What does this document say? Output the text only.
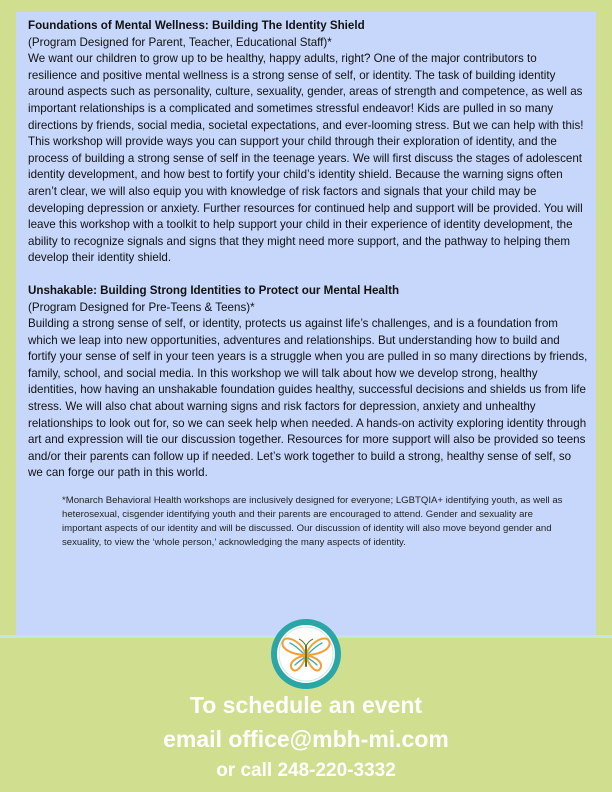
Foundations of Mental Wellness: Building The Identity Shield

(Program Designed for Parent, Teacher, Educational Staff)*

We want our children to grow up to be healthy, happy adults, right? One of the major contributors to resilience and positive mental wellness is a strong sense of self, or identity. The task of building identity around aspects such as personality, culture, sexuality, gender, areas of strength and competence, as well as important relationships is a complicated and sometimes stressful endeavor! Kids are pulled in so many directions by friends, social media, societal expectations, and ever-looming stress. But we can help with this! This workshop will provide ways you can support your child through their exploration of identity, and the process of building a strong sense of self in the teenage years. We will first discuss the stages of adolescent identity development, and how best to fortify your child’s identity shield. Because the warning signs often aren’t clear, we will also equip you with knowledge of risk factors and signals that your child may be developing depression or anxiety. Further resources for continued help and support will be provided. You will leave this workshop with a toolkit to help support your child in their experience of identity development, the ability to recognize signals and signs that they might need more support, and the pathway to helping them develop their identity shield.

Unshakable: Building Strong Identities to Protect our Mental Health

(Program Designed for Pre-Teens & Teens)*

Building a strong sense of self, or identity, protects us against life’s challenges, and is a foundation from which we leap into new opportunities, adventures and relationships. But understanding how to build and fortify your sense of self in your teen years is a struggle when you are pulled in so many directions by friends, family, school, and social media. In this workshop we will talk about how we develop strong, healthy identities, how having an unshakable foundation guides healthy, successful decisions and shields us from life stress. We will also chat about warning signs and risk factors for depression, anxiety and unhealthy relationships to look out for, so we can seek help when needed. A hands-on activity exploring identity through art and expression will tie our discussion together. Resources for more support will also be provided so teens and/or their parents can follow up if needed. Let’s work together to build a strong, healthy sense of self, so we can forge our path in this world.

*Monarch Behavioral Health workshops are inclusively designed for everyone; LGBTQIA+ identifying youth, as well as heterosexual, cisgender identifying youth and their parents are encouraged to attend. Gender and sexuality are important aspects of our identity and will be discussed. Our discussion of identity will also move beyond gender and sexuality, to view the ‘whole person,’ acknowledging the many aspects of identity.

To schedule an event
email office@mbh-mi.com
or call 248-220-3332
